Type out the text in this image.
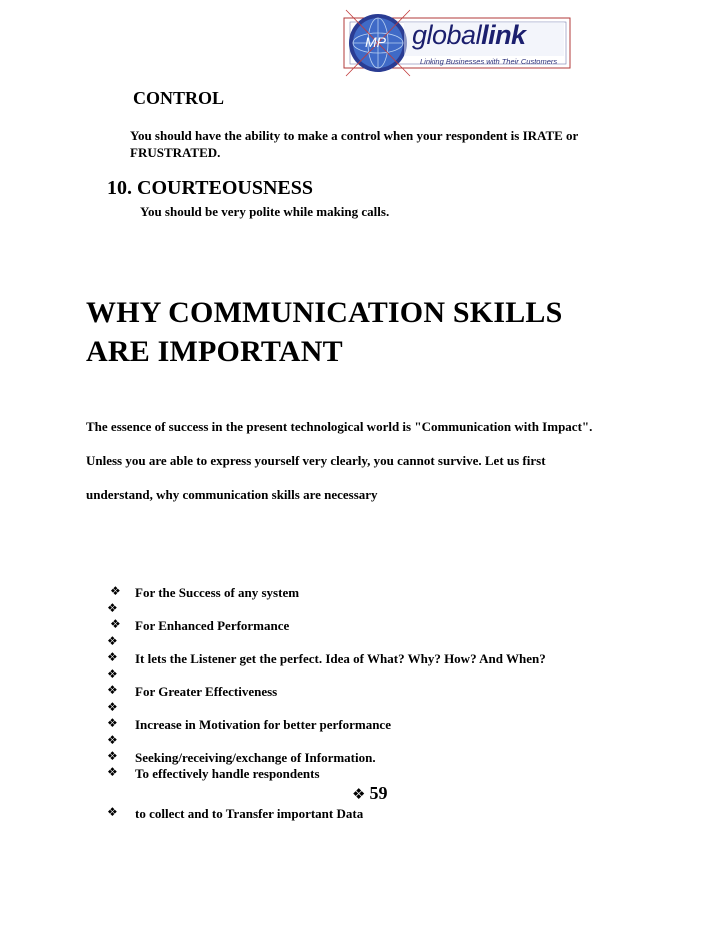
MP globallink
Linking Businesses with Their Customers
CONTROL
You should have the ability to make a control when your respondent is IRATE or
FRUSTRATED.
10. COURTEOUSNESS
You should be very polite while making calls.
WHY COMMUNICATION SKILLS
ARE IMPORTANT
The essence of success in the present technological world is "Communication with Impact".
Unless you are able to express yourself very clearly, you cannot survive. Let us first
understand, why communication skills are necessary
❖ For the Success of any system
❖
❖ For Enhanced Performance
❖
❖ It lets the Listener get the perfect. Idea of What? Why? How? And When?
❖
❖ For Greater Effectiveness
❖
❖ Increase in Motivation for better performance
❖
❖ Seeking/receiving/exchange of Information.
❖ To effectively handle respondents
❖ 59
❖ to collect and to Transfer important Data
